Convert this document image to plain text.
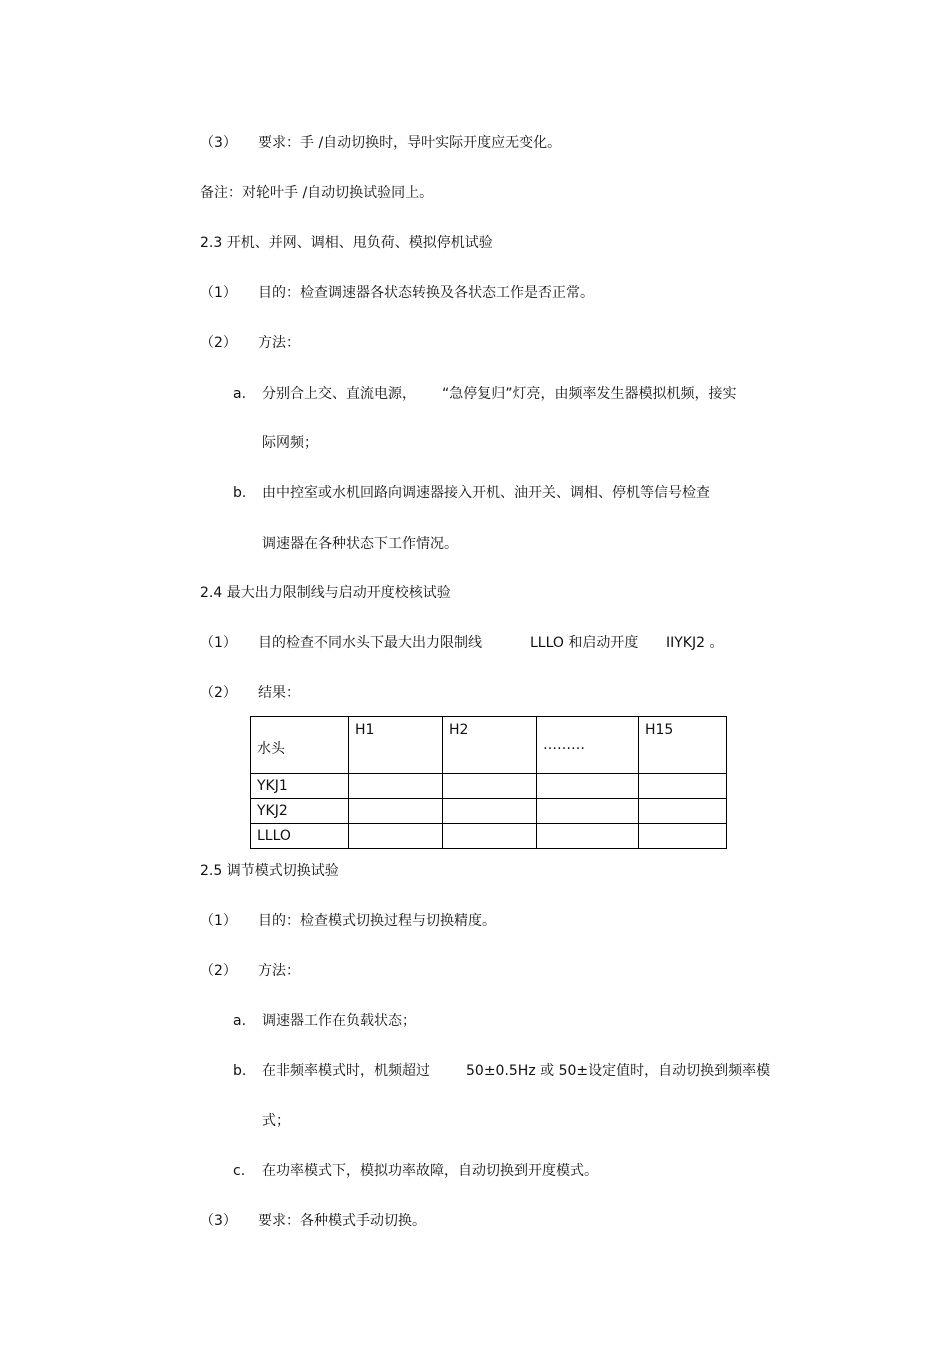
（3） 要求：手 /自动切换时，导叶实际开度应无变化。
备注：对轮叶手 /自动切换试验同上。
2.3 开机、并网、调相、甩负荷、模拟停机试验
（1） 目的：检查调速器各状态转换及各状态工作是否正常。
（2） 方法：
a. 分别合上交、直流电源， “急停复归”灯亮，由频率发生器模拟机频，接实
际网频；
b. 由中控室或水机回路向调速器接入开机、油开关、调相、停机等信号检查
调速器在各种状态下工作情况。
2.4 最大出力限制线与启动开度校核试验
（1） 目的检查不同水头下最大出力限制线	LLLO 和启动开度 IIYKJ2 。
（2） 结果：
水头	H1	H2	………	H15
YKJ1				
YKJ2				
LLLO				
2.5 调节模式切换试验
（1） 目的：检查模式切换过程与切换精度。
（2） 方法：
a. 调速器工作在负载状态；
b. 在非频率模式时，机频超过	50±0.5Hz 或 50±设定值时，自动切换到频率模
式；
c. 在功率模式下，模拟功率故障，自动切换到开度模式。
（3） 要求：各种模式手动切换。
